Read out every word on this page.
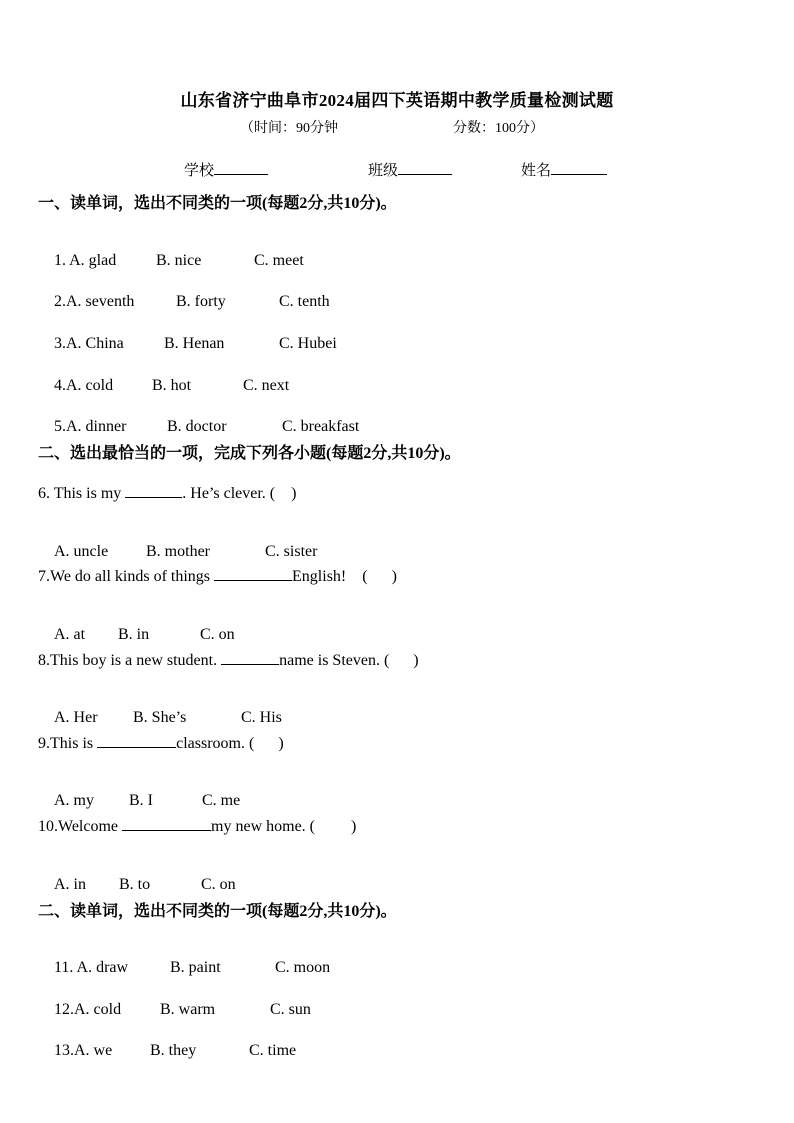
山东省济宁曲阜市2024届四下英语期中教学质量检测试题
（时间：90分钟	分数：100分）
学校	班级	姓名
一、读单词，选出不同类的一项(每题2分,共10分)。

1. A. glad B. nice	C. meet

2.A. seventh	B. forty	C. tenth

3.A. China	B. Henan	C. Hubei

4.A. cold B. hot	C. next

5.A. dinner	B. doctor	C. breakfast

二、选出最恰当的一项，完成下列各小题(每题2分,共10分)。
6. This is my	. He’s clever. (    )

A. uncle B. mother	C. sister

7.We do all kinds of things	English!    (      )

A. at B. in	C. on

8.This boy is a new student.	name is Steven. (      )

A. Her B. She’s	C. His

9.This is	classroom. (      )

A. my B. I	C. me

10.Welcome	my new home. (         )

A. in B. to	C. on

二、读单词，选出不同类的一项(每题2分,共10分)。

11. A. draw	B. paint	C. moon

12.A. cold B. warm	C. sun

13.A. we B. they	C. time
